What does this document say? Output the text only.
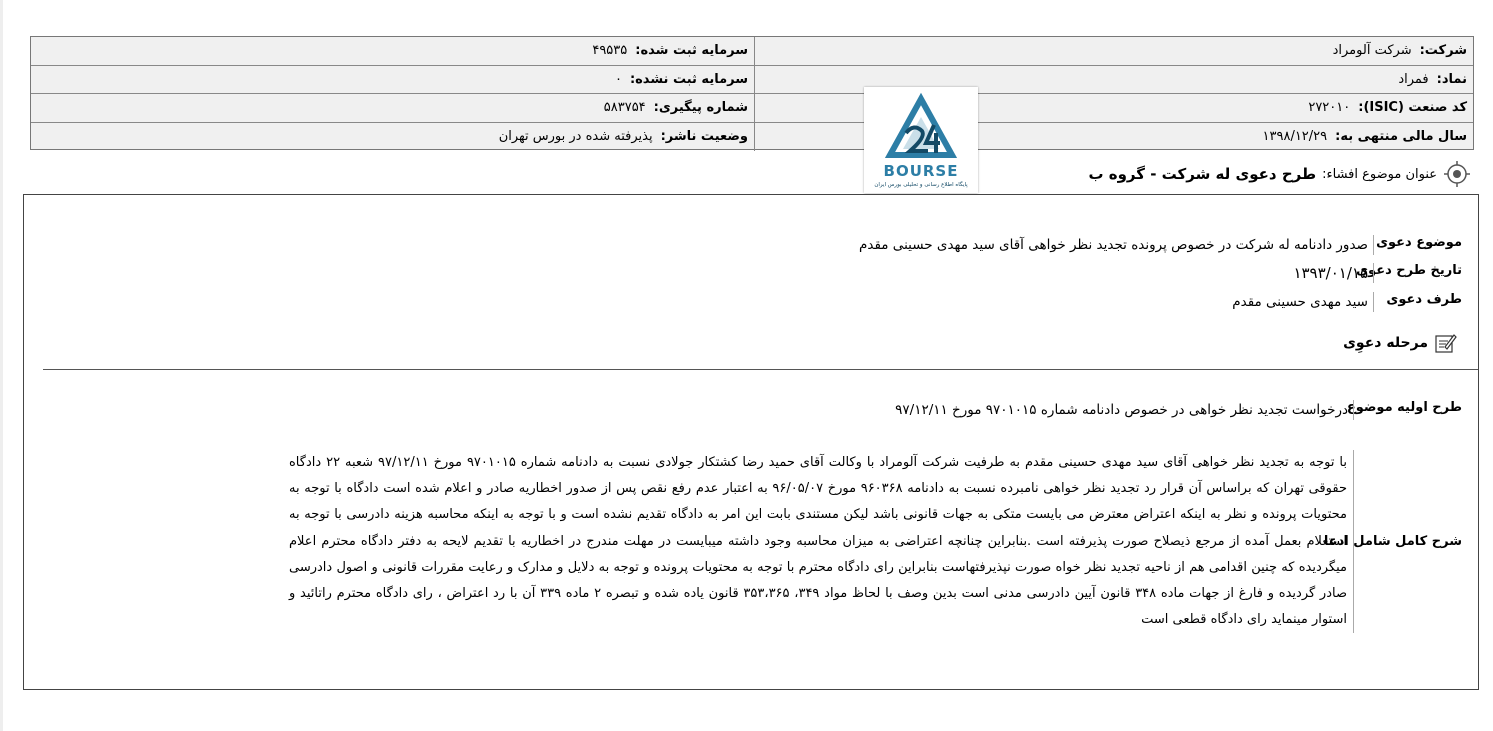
شرکت:
شرکت آلومراد
سرمایه ثبت شده:
۴۹۵۳۵
نماد:
فمراد
سرمایه ثبت نشده:
۰
کد صنعت (ISIC):
۲۷۲۰۱۰
شماره پیگیری:
۵۸۳۷۵۴
سال مالی منتهی به:
۱۳۹۸/۱۲/۲۹
وضعیت ناشر:
پذیرفته شده در بورس تهران
BOURSE
پایگاه اطلاع رسانی و تحلیلی بورس ایران
عنوان موضوع افشاء:
طرح دعوی له شرکت - گروه ب
موضوع دعوی
صدور دادنامه له شرکت در خصوص پرونده تجدید نظر خواهی آقای سید مهدی حسینی مقدم
تاریخ طرح دعوی
۱۳۹۳/۰۱/۱۵
طرف دعوی
سید مهدی حسینی مقدم
مرحله دعوِی
طرح اولیه موضوع
درخواست تجدید نظر خواهی در خصوص دادنامه شماره ۹۷۰۱۰۱۵ مورخ ۹۷/۱۲/۱۱
شرح کامل شامل ادعا
با توجه به تجدید نظر خواهی آقای سید مهدی حسینی مقدم به طرفیت شرکت آلومراد با وکالت آقای حمید رضا کشتکار جولادی نسبت به دادنامه شماره ۹۷۰۱۰۱۵ مورخ ۹۷/۱۲/۱۱ شعبه ۲۲ دادگاه حقوقی تهران که براساس آن قرار رد تجدید نظر خواهی نامبرده نسبت به دادنامه ۹۶۰۳۶۸ مورخ ۹۶/۰۵/۰۷ به اعتبار عدم رفع نقص پس از صدور اخطاریه صادر و اعلام شده است دادگاه با توجه به محتویات پرونده و نظر به اینکه اعتراض معترض می بایست متکی به جهات قانونی باشد لیکن مستندی بابت این امر به دادگاه تقدیم نشده است و با توجه به اینکه محاسبه هزینه دادرسی با توجه به استعلام بعمل آمده از مرجع ذیصلاح صورت پذیرفته است .بنابراین چنانچه اعتراضی به میزان محاسبه وجود داشته میبایست در مهلت مندرج در اخطاریه با تقدیم لایحه به دفتر دادگاه محترم اعلام میگردیده که چنین اقدامی هم از ناحیه تجدید نظر خواه صورت نپذیرفتهاست بنابراین رای دادگاه محترم با توجه به محتویات پرونده و توجه به دلایل و مدارک و رعایت مقررات قانونی و اصول دادرسی صادر گردیده و فارغ از جهات ماده ۳۴۸ قانون آیین دادرسی مدنی است بدین وصف با لحاظ مواد ۳۴۹، ۳۵۳،۳۶۵ قانون یاده شده و تبصره ۲ ماده ۳۳۹ آن با رد اعتراض ، رای دادگاه محترم راتائید و استوار مینماید رای دادگاه قطعی است
